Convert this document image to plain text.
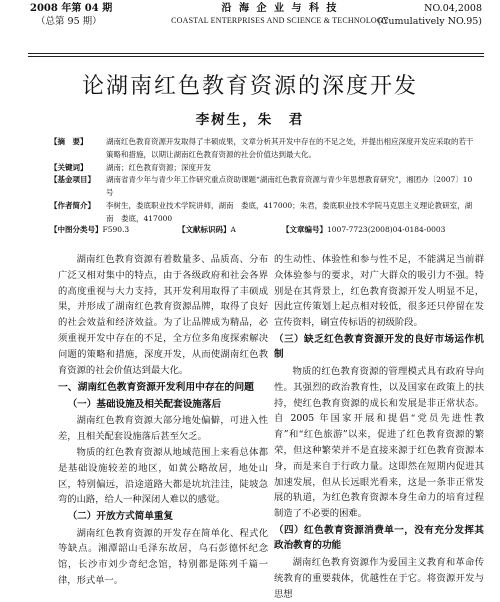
2008 年第 04 期
（总第 95 期）
沿 海 企 业 与 科 技
COASTAL ENTERPRISES AND SCIENCE & TECHNOLOGY
NO.04,2008
(Cumulatively NO.95)
论湖南红色教育资源的深度开发
李树生，朱　君
【 摘　要 】	湖南红色教育资源开发取得了丰硕成果，文章分析其开发中存在的不足之处，并提出相应深度开发应采取的若干策略和措施，以期让湖南红色教育资源的社会价值达到最大化。
【 关键词 】	湖南；红色教育资源；深度开发
【 基金项目 】	湖南省青少年与青少年工作研究重点资助课题“湖南红色教育资源与青少年思想教育研究”，湘团办〔2007〕10 号
【 作者简介 】	李树生，娄底职业技术学院讲师，湖南　娄底，417000；朱君，娄底职业技术学院马克思主义理论教研室，湖南　娄底，417000
【中图分类号】F590.3	【文献标识码】A	【文章编号】1007-7723(2008)04-0184-0003

湖南红色教育资源有着数量多、品质高、分布广泛又相对集中的特点，由于各级政府和社会各界的高度重视与大力支持，其开发利用取得了丰硕成果，并形成了湖南红色教育资源品牌，取得了良好的社会效益和经济效益。为了让品牌成为精品，必须重视开发中存在的不足，全方位多角度探索解决问题的策略和措施，深度开发，从而使湖南红色教育资源的社会价值达到最大化。

一、湖南红色教育资源开发利用中存在的问题
（一）基础设施及相关配套设施落后

湖南红色教育资源大部分地处偏僻，可进入性差，且相关配套设施落后甚至欠乏。

物质的红色教育资源从地域范围上来看总体都是基础设施较差的地区，如黄公略故居，地处山区，特别偏远，沿途道路大都是坑坑洼洼，陡坡急弯的山路，给人一种深闭人难以的感觉。

（二）开放方式简单重复

湖南红色教育资源的开发存在简单化、程式化等缺点。湘潭韶山毛泽东故居，乌石彭德怀纪念馆，长沙市刘少奇纪念馆，特别都是陈列千篇一律，形式单一。

的生动性、体验性和参与性不足，不能满足当前群众体验参与的要求，对广大群众的吸引力不强。特别是在其背景上，红色教育资源开发人明显不足，因此宣传策划上起点相对较低，很多还只停留在发宣传资料，刷宣传标语的初级阶段。

（三）缺乏红色教育资源开发的良好市场运作机制

物质的红色教育资源的管理模式具有政府导向性。其强烈的政治教育性，以及国家在政策上的扶持，使红色教育资源的成长和发展是非正常状态。自 2005 年国家开展和提倡“党员先进性教育”和“红色旅游”以来，促进了红色教育资源的繁荣，但这种繁荣并不是直接来源于红色教育资源本身，而是来自于行政力量。这即然在短期内促进其加速发展，但从长远眼光看来，这是一条非正常发展的轨道，为红色教育资源本身生命力的培育过程制造了不必要的困难。

（四）红色教育资源消费单一，没有充分发挥其政治教育的功能

湖南红色教育资源作为爱国主义教育和革命传统教育的重要载体，优越性在于它。将资源开发与思想
